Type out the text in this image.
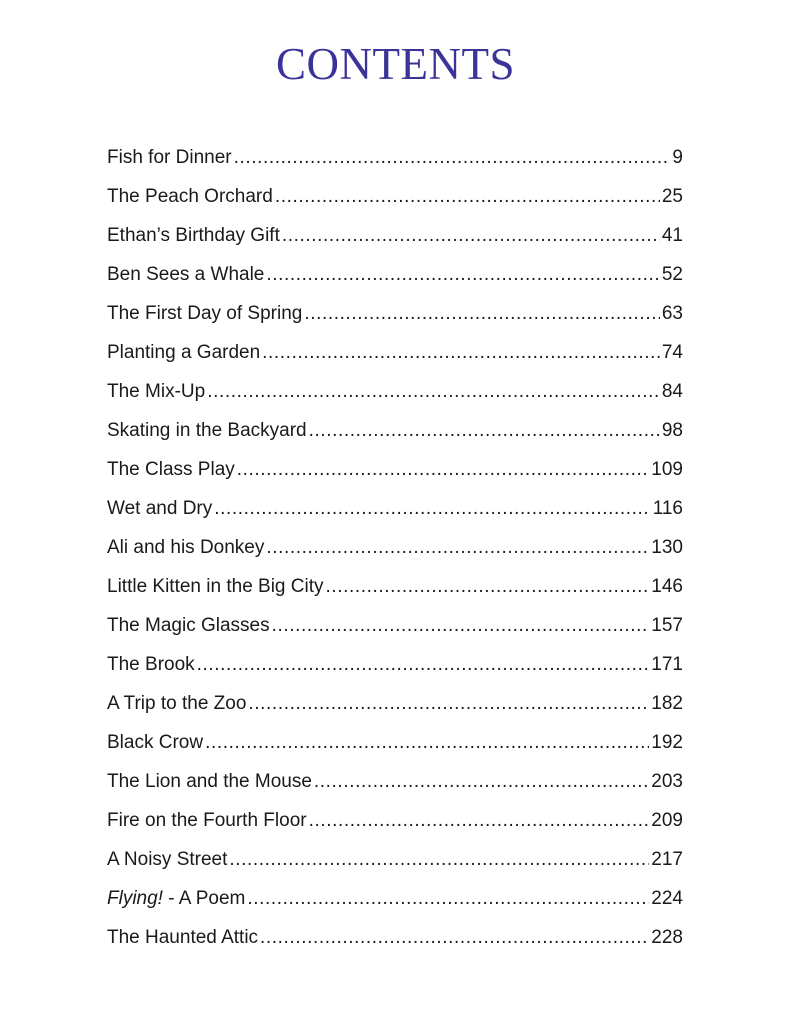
CONTENTS
Fish for Dinner .....	9
The Peach Orchard .....	25
Ethan’s Birthday Gift .....	41
Ben Sees a Whale .....	52
The First Day of Spring .....	63
Planting a Garden .....	74
The Mix-Up .....	84
Skating in the Backyard .....	98
The Class Play .....	109
Wet and Dry .....	116
Ali and his Donkey .....	130
Little Kitten in the Big City .....	146
The Magic Glasses .....	157
The Brook .....	171
A Trip to the Zoo .....	182
Black Crow .....	192
The Lion and the Mouse .....	203
Fire on the Fourth Floor .....	209
A Noisy Street .....	217
Flying! - A Poem .....	224
The Haunted Attic .....	228
